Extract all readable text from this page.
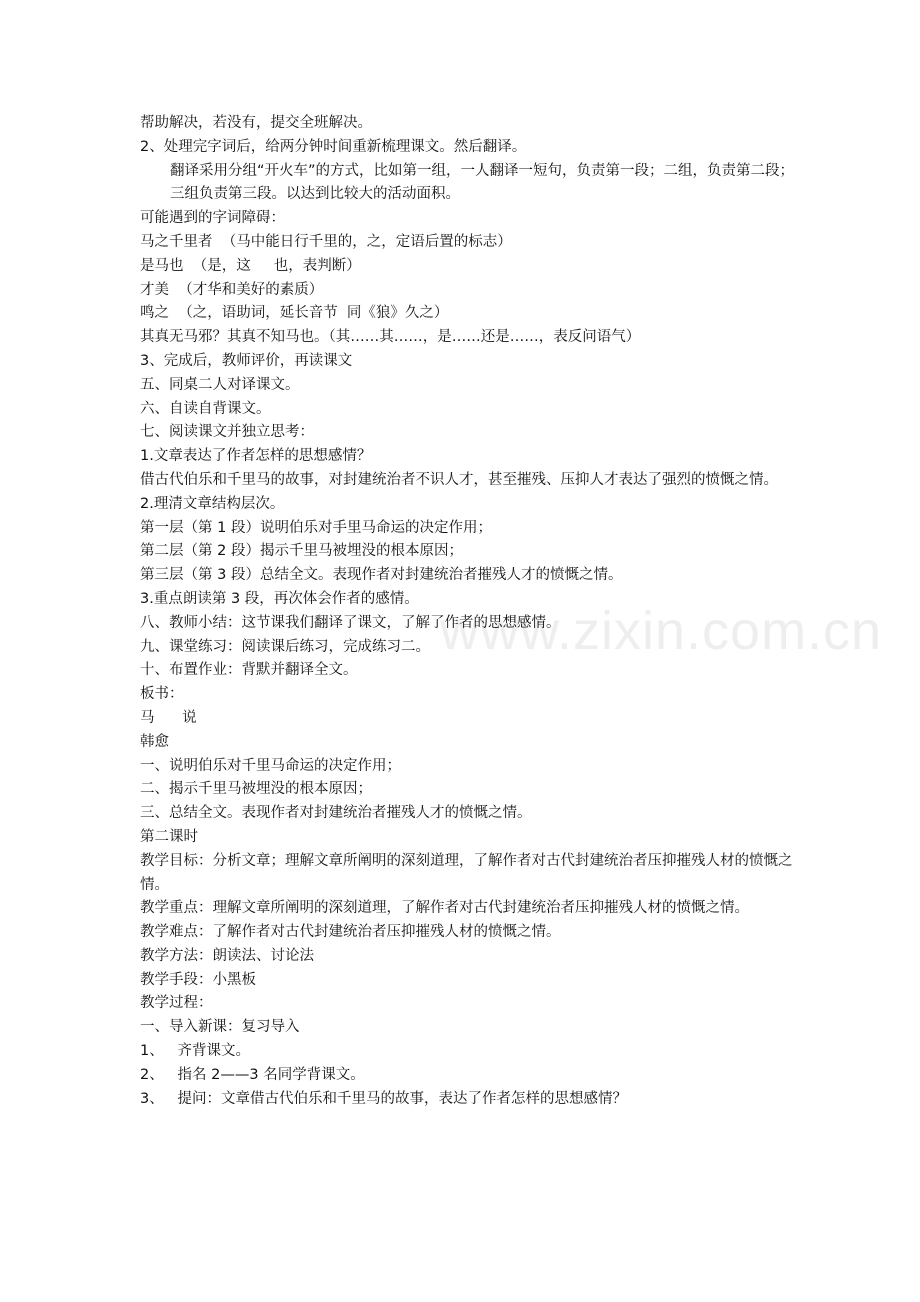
www.zixin.com.cn

帮助解决，若没有，提交全班解决。

2、处理完字词后，给两分钟时间重新梳理课文。然后翻译。

翻译采用分组“开火车”的方式，比如第一组，一人翻译一短句，负责第一段；二组，负责第二段；三组负责第三段。以达到比较大的活动面积。

可能遇到的字词障碍：

马之千里者  （马中能日行千里的，之，定语后置的标志）

是马也  （是，这     也，表判断）

才美  （才华和美好的素质）

鸣之  （之，语助词，延长音节  同《狼》久之）

其真无马邪？其真不知马也。（其……其……，是……还是……，表反问语气）

3、完成后，教师评价，再读课文

五、同桌二人对译课文。

六、自读自背课文。

七、阅读课文并独立思考：

1.文章表达了作者怎样的思想感情？

借古代伯乐和千里马的故事，对封建统治者不识人才，甚至摧残、压抑人才表达了强烈的愤慨之情。

2.理清文章结构层次。

第一层（第 1 段）说明伯乐对手里马命运的决定作用；

第二层（第 2 段）揭示千里马被埋没的根本原因；

第三层（第 3 段）总结全文。表现作者对封建统治者摧残人才的愤慨之情。

3.重点朗读第 3 段，再次体会作者的感情。

八、教师小结：这节课我们翻译了课文，了解了作者的思想感情。

九、课堂练习：阅读课后练习，完成练习二。

十、布置作业：背默并翻译全文。

板书：

马      说

韩愈

一、说明伯乐对千里马命运的决定作用；

二、揭示千里马被埋没的根本原因；

三、总结全文。表现作者对封建统治者摧残人才的愤慨之情。

第二课时

教学目标：分析文章；理解文章所阐明的深刻道理，了解作者对古代封建统治者压抑摧残人材的愤慨之情。

教学重点：理解文章所阐明的深刻道理，了解作者对古代封建统治者压抑摧残人材的愤慨之情。

教学难点：了解作者对古代封建统治者压抑摧残人材的愤慨之情。

教学方法：朗读法、讨论法

教学手段：小黑板

教学过程：

一、导入新课：复习导入

1、   齐背课文。

2、   指名 2——3 名同学背课文。

3、   提问：文章借古代伯乐和千里马的故事，表达了作者怎样的思想感情？
